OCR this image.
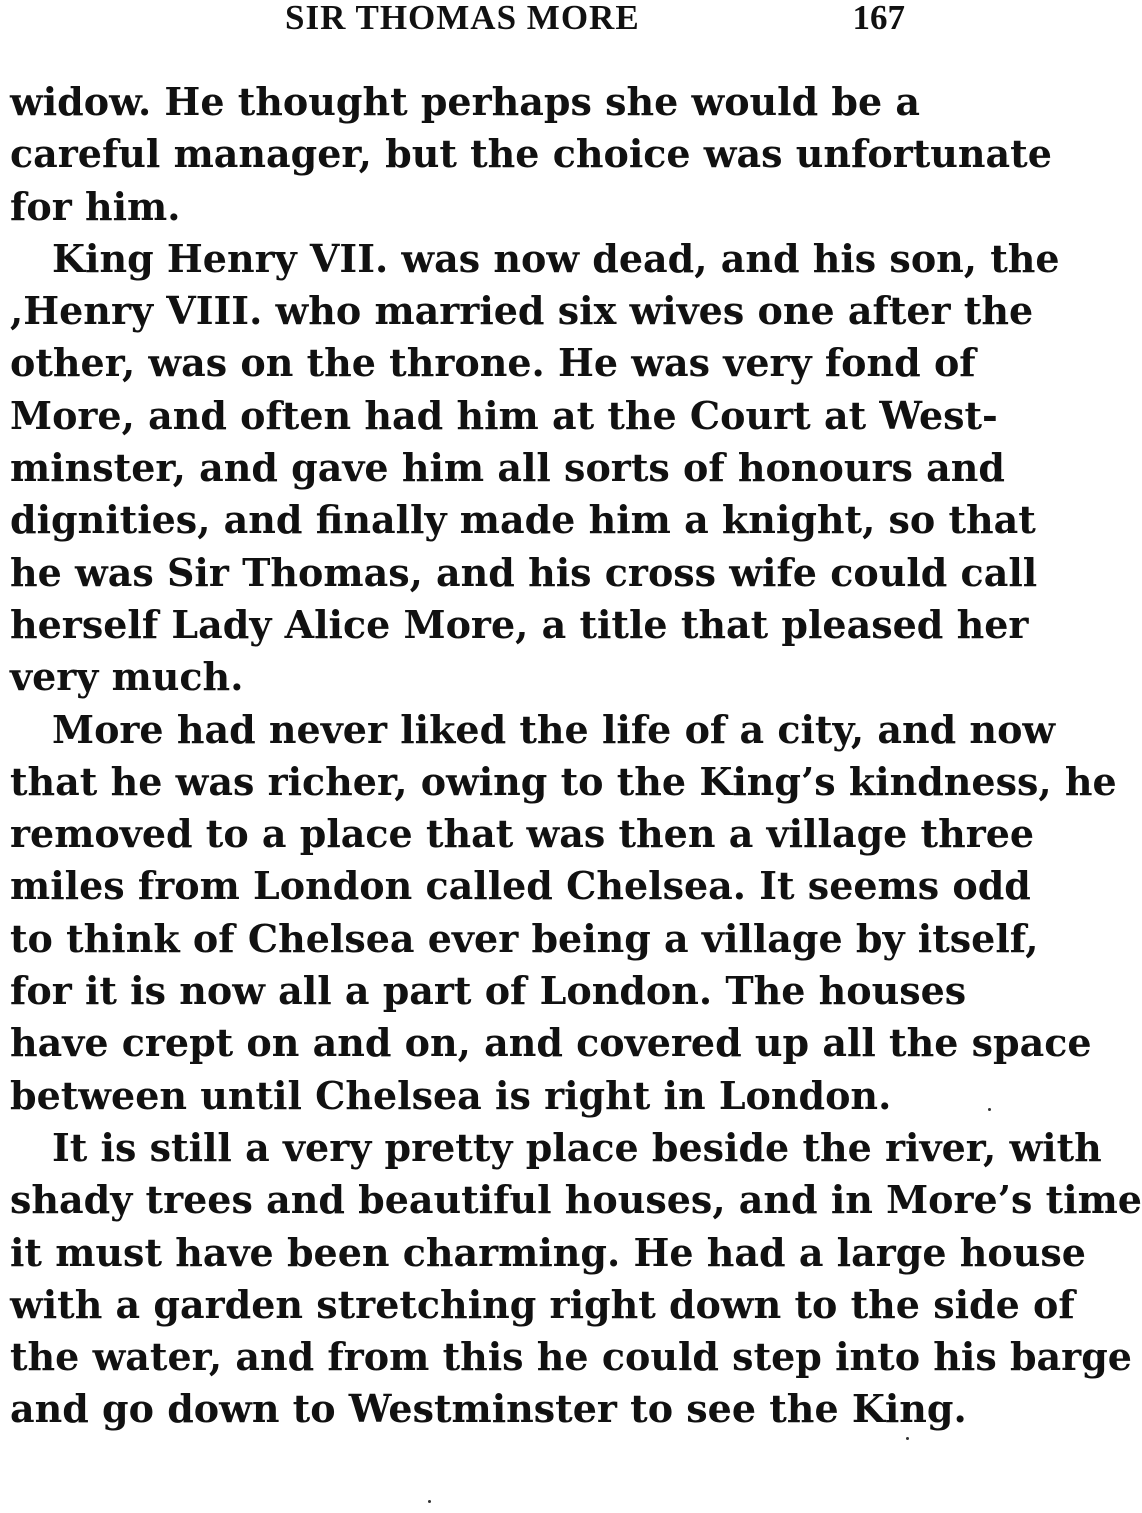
SIR THOMAS MORE	167
widow. He thought perhaps she would be a
careful manager, but the choice was unfortunate
for him.
King Henry VII. was now dead, and his son, the
,Henry VIII. who married six wives one after the
other, was on the throne. He was very fond of
More, and often had him at the Court at West-
minster, and gave him all sorts of honours and
dignities, and finally made him a knight, so that
he was Sir Thomas, and his cross wife could call
herself Lady Alice More, a title that pleased her
very much.
More had never liked the life of a city, and now
that he was richer, owing to the King’s kindness, he
removed to a place that was then a village three
miles from London called Chelsea. It seems odd
to think of Chelsea ever being a village by itself,
for it is now all a part of London. The houses
have crept on and on, and covered up all the space
between until Chelsea is right in London.
It is still a very pretty place beside the river, with
shady trees and beautiful houses, and in More’s time
it must have been charming. He had a large house
with a garden stretching right down to the side of
the water, and from this he could step into his barge
and go down to Westminster to see the King.
